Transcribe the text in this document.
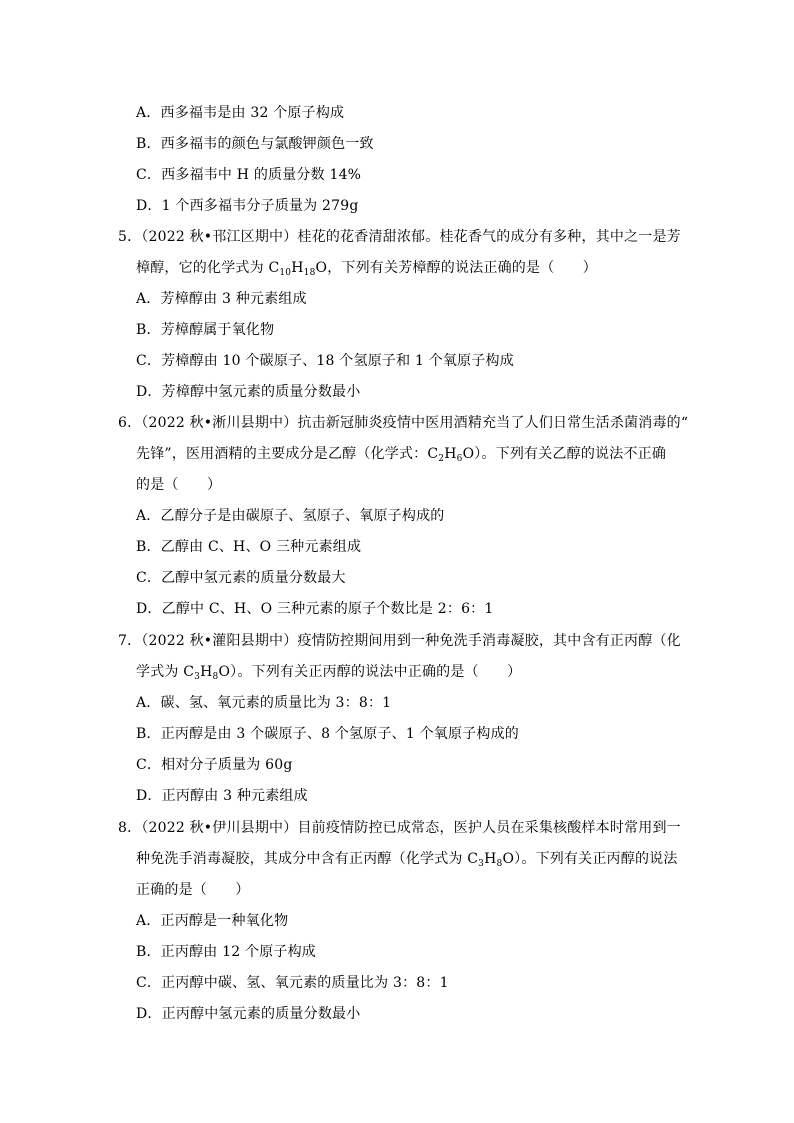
A．西多福韦是由 32 个原子构成
B．西多福韦的颜色与氯酸钾颜色一致
C．西多福韦中 H 的质量分数 14%
D．1 个西多福韦分子质量为 279g
5．（2022 秋•邗江区期中）桂花的花香清甜浓郁。桂花香气的成分有多种，其中之一是芳
樟醇，它的化学式为 $C_{10}H_{18}O$，下列有关芳樟醇的说法正确的是（　　）
A．芳樟醇由 3 种元素组成
B．芳樟醇属于氧化物
C．芳樟醇由 10 个碳原子、18 个氢原子和 1 个氧原子构成
D．芳樟醇中氢元素的质量分数最小
6．（2022 秋•淅川县期中）抗击新冠肺炎疫情中医用酒精充当了人们日常生活杀菌消毒的“
先锋”，医用酒精的主要成分是乙醇（化学式：$C_2H_6O$）。下列有关乙醇的说法不正确
的是（　　）
A．乙醇分子是由碳原子、氢原子、氧原子构成的
B．乙醇由 C、H、O 三种元素组成
C．乙醇中氢元素的质量分数最大
D．乙醇中 C、H、O 三种元素的原子个数比是 2：6：1
7．（2022 秋•灌阳县期中）疫情防控期间用到一种免洗手消毒凝胶，其中含有正丙醇（化
学式为 $C_3H_8O$）。下列有关正丙醇的说法中正确的是（　　）
A．碳、氢、氧元素的质量比为 3：8：1
B．正丙醇是由 3 个碳原子、8 个氢原子、1 个氧原子构成的
C．相对分子质量为 60g
D．正丙醇由 3 种元素组成
8．（2022 秋•伊川县期中）目前疫情防控已成常态，医护人员在采集核酸样本时常用到一
种免洗手消毒凝胶，其成分中含有正丙醇（化学式为 $C_3H_8O$）。下列有关正丙醇的说法
正确的是（　　）
A．正丙醇是一种氧化物
B．正丙醇由 12 个原子构成
C．正丙醇中碳、氢、氧元素的质量比为 3：8：1
D．正丙醇中氢元素的质量分数最小
